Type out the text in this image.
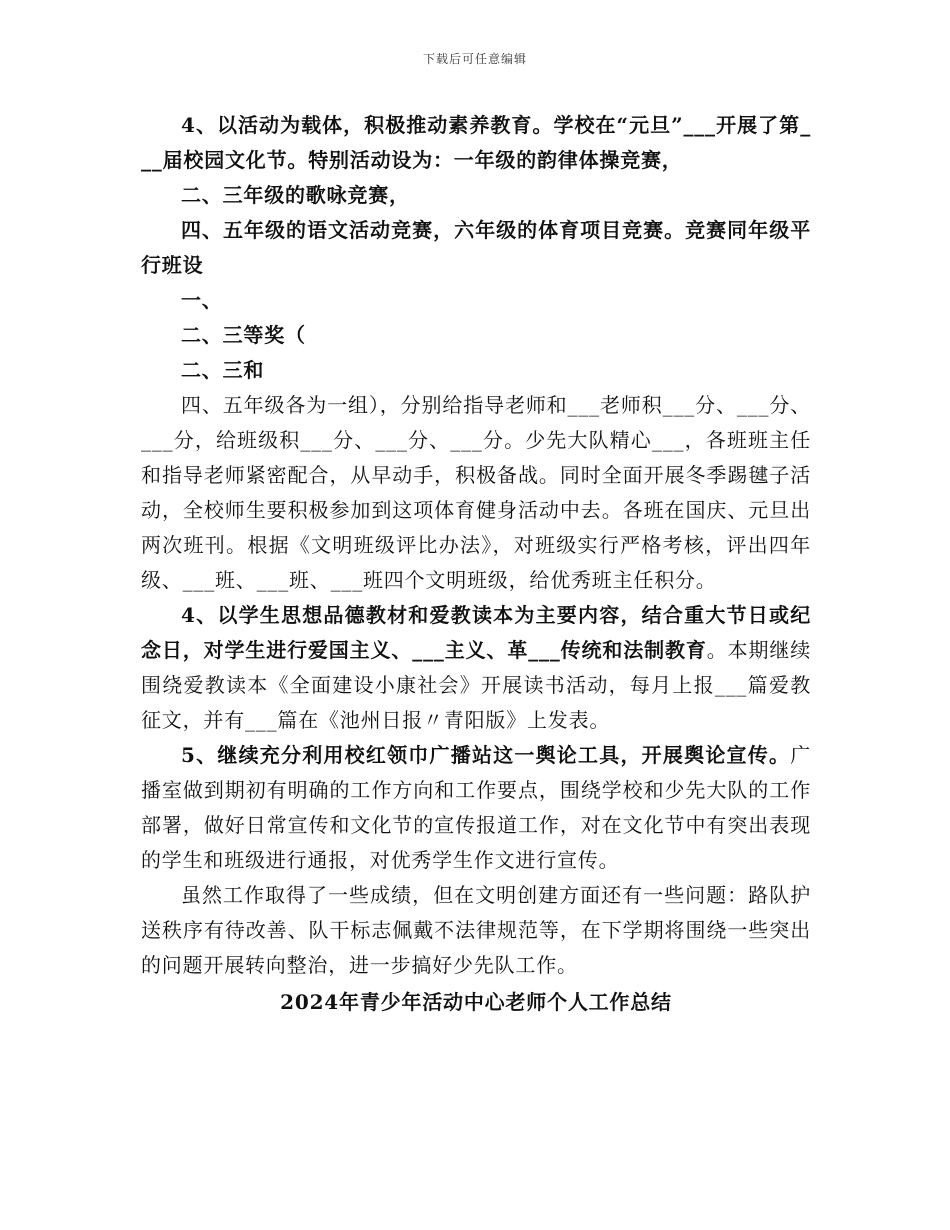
下载后可任意编辑

4、以活动为载体，积极推动素养教育。学校在“元旦”___开展了第___届校园文化节。特别活动设为：一年级的韵律体操竞赛，

二、三年级的歌咏竞赛，

四、五年级的语文活动竞赛，六年级的体育项目竞赛。竞赛同年级平行班设

一、

二、三等奖（

二、三和

四、五年级各为一组），分别给指导老师和___老师积___分、___分、___分，给班级积___分、___分、___分。少先大队精心___，各班班主任和指导老师紧密配合，从早动手，积极备战。同时全面开展冬季踢毽子活动，全校师生要积极参加到这项体育健身活动中去。各班在国庆、元旦出两次班刊。根据《文明班级评比办法》，对班级实行严格考核，评出四年级、___班、___班、___班四个文明班级，给优秀班主任积分。

4、以学生思想品德教材和爱教读本为主要内容，结合重大节日或纪念日，对学生进行爱国主义、___主义、革___传统和法制教育。本期继续围绕爱教读本《全面建设小康社会》开展读书活动，每月上报___篇爱教征文，并有___篇在《池州日报〃青阳版》上发表。

5、继续充分利用校红领巾广播站这一舆论工具，开展舆论宣传。广播室做到期初有明确的工作方向和工作要点，围绕学校和少先大队的工作部署，做好日常宣传和文化节的宣传报道工作，对在文化节中有突出表现的学生和班级进行通报，对优秀学生作文进行宣传。

虽然工作取得了一些成绩，但在文明创建方面还有一些问题：路队护送秩序有待改善、队干标志佩戴不法律规范等，在下学期将围绕一些突出的问题开展转向整治，进一步搞好少先队工作。

2024年青少年活动中心老师个人工作总结
